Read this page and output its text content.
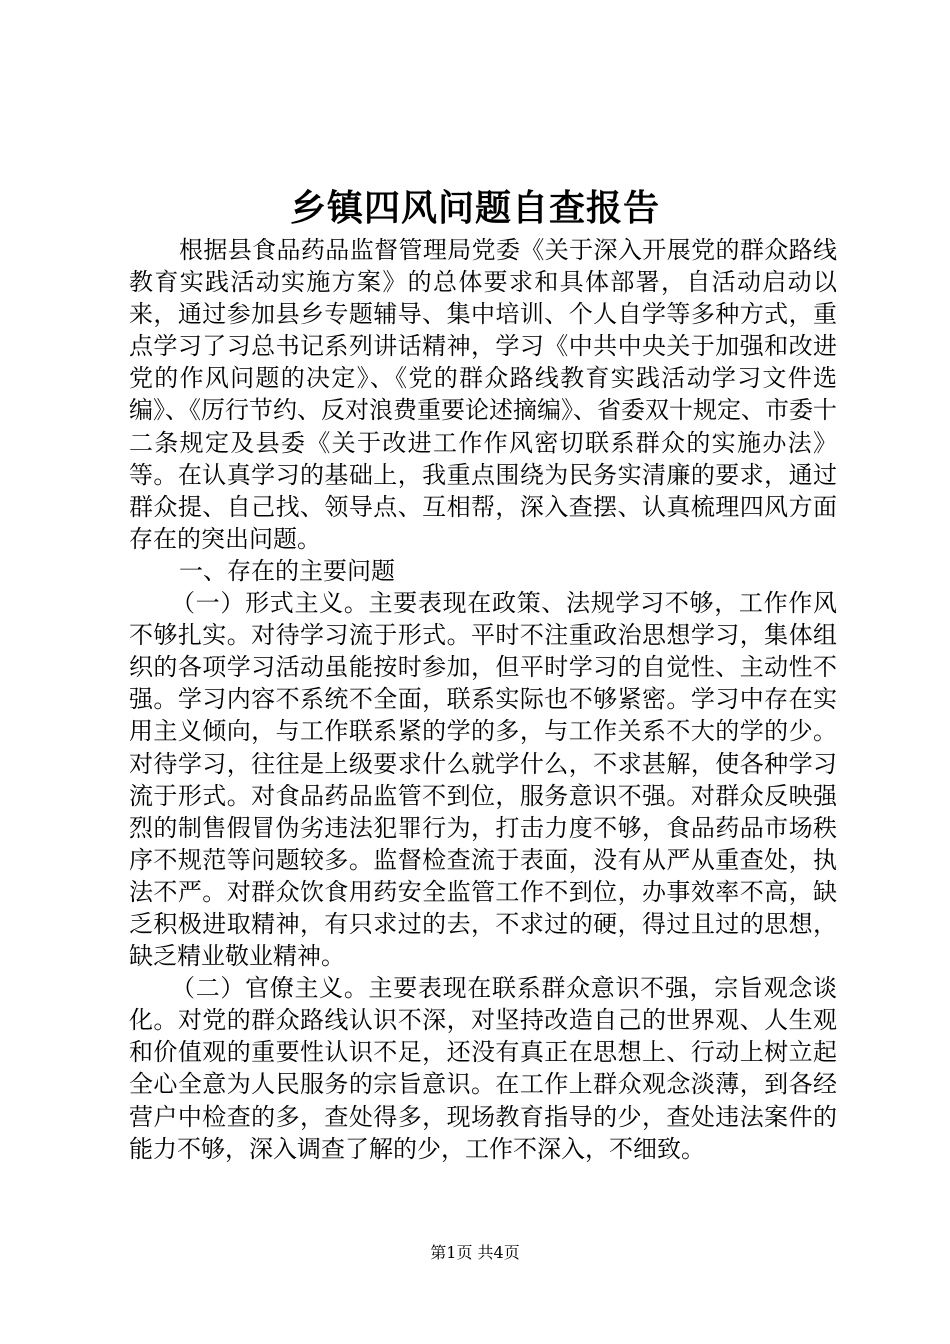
乡镇四风问题自查报告

根据县食品药品监督管理局党委《关于深入开展党的群众路线教育实践活动实施方案》的总体要求和具体部署，自活动启动以来，通过参加县乡专题辅导、集中培训、个人自学等多种方式，重点学习了习总书记系列讲话精神，学习《中共中央关于加强和改进党的作风问题的决定》、《党的群众路线教育实践活动学习文件选编》、《厉行节约、反对浪费重要论述摘编》、省委双十规定、市委十二条规定及县委《关于改进工作作风密切联系群众的实施办法》等。在认真学习的基础上，我重点围绕为民务实清廉的要求，通过群众提、自己找、领导点、互相帮，深入查摆、认真梳理四风方面存在的突出问题。

一、存在的主要问题

（一）形式主义。主要表现在政策、法规学习不够，工作作风不够扎实。对待学习流于形式。平时不注重政治思想学习，集体组织的各项学习活动虽能按时参加，但平时学习的自觉性、主动性不强。学习内容不系统不全面，联系实际也不够紧密。学习中存在实用主义倾向，与工作联系紧的学的多，与工作关系不大的学的少。对待学习，往往是上级要求什么就学什么，不求甚解，使各种学习流于形式。对食品药品监管不到位，服务意识不强。对群众反映强烈的制售假冒伪劣违法犯罪行为，打击力度不够，食品药品市场秩序不规范等问题较多。监督检查流于表面，没有从严从重查处，执法不严。对群众饮食用药安全监管工作不到位，办事效率不高，缺乏积极进取精神，有只求过的去，不求过的硬，得过且过的思想，缺乏精业敬业精神。

（二）官僚主义。主要表现在联系群众意识不强，宗旨观念谈化。对党的群众路线认识不深，对坚持改造自己的世界观、人生观和价值观的重要性认识不足，还没有真正在思想上、行动上树立起全心全意为人民服务的宗旨意识。在工作上群众观念淡薄，到各经营户中检查的多，查处得多，现场教育指导的少，查处违法案件的能力不够，深入调查了解的少，工作不深入，不细致。

第1页 共4页
